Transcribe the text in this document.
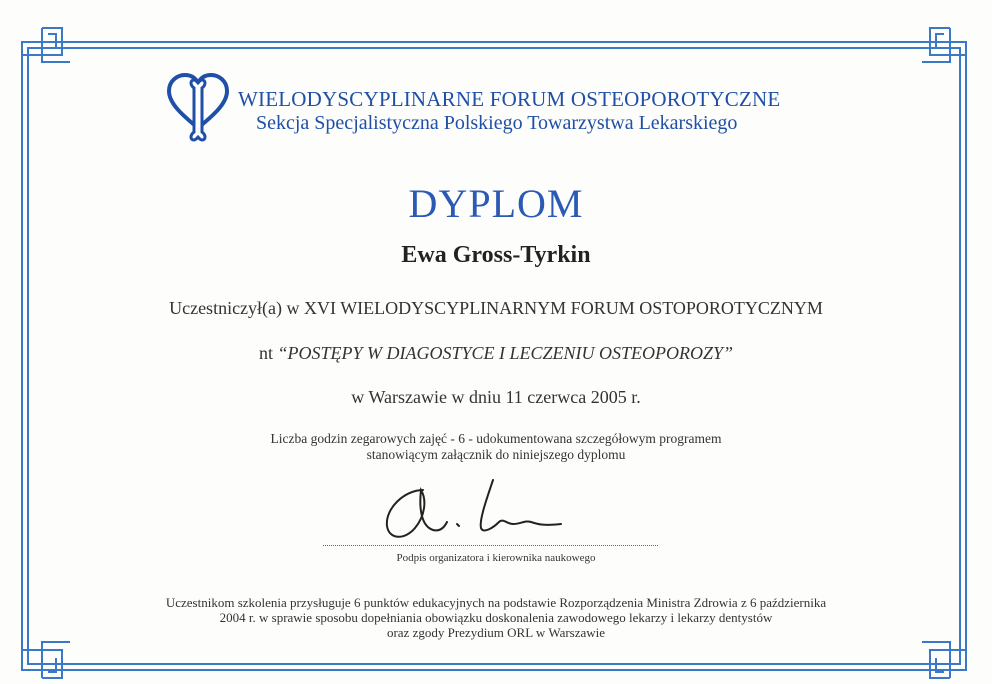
WIELODYSCYPLINARNE FORUM OSTEOPOROTYCZNE
Sekcja Specjalistyczna Polskiego Towarzystwa Lekarskiego
DYPLOM
Ewa Gross-Tyrkin
Uczestniczył(a) w XVI WIELODYSCYPLINARNYM FORUM OSTOPOROTYCZNYM
nt “POSTĘPY W DIAGOSTYCE I LECZENIU OSTEOPOROZY”
w Warszawie w dniu 11 czerwca 2005 r.
Liczba godzin zegarowych zajęć - 6 - udokumentowana szczegółowym programem
stanowiącym załącznik do niniejszego dyplomu
Podpis organizatora i kierownika naukowego
Uczestnikom szkolenia przysługuje 6 punktów edukacyjnych na podstawie Rozporządzenia Ministra Zdrowia z 6 października
2004 r. w sprawie sposobu dopełniania obowiązku doskonalenia zawodowego lekarzy i lekarzy dentystów
oraz zgody Prezydium ORL w Warszawie
